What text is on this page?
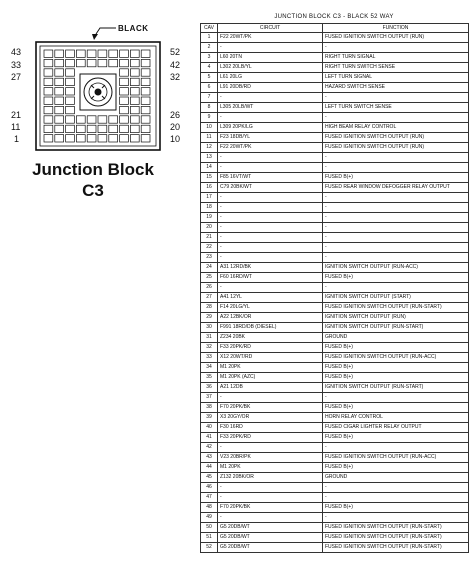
BLACK
43
33
27
21
11
1
52
42
32
26
20
10
Junction Block
C3
JUNCTION BLOCK C3 - BLACK 52 WAY
CAV	CIRCUIT	FUNCTION
1	F22 20WT/PK	FUSED IGNITION SWITCH OUTPUT (RUN)
2	-	-
3	L60 20TN	RIGHT TURN SIGNAL
4	L302 20LB/YL	RIGHT TURN SWITCH SENSE
5	L61 20LG	LEFT TURN SIGNAL
6	L91 20DB/RD	HAZARD SWITCH SENSE
7	-	-
8	L305 20LB/WT	LEFT TURN SWITCH SENSE
9	-	-
10	L309 20PK/LG	HIGH BEAM RELAY CONTROL
11	F23 18DB/YL	FUSED IGNITION SWITCH OUTPUT (RUN)
12	F22 20WT/PK	FUSED IGNITION SWITCH OUTPUT (RUN)
13	-	-
14	-	-
15	F85 16VT/WT	FUSED B(+)
16	C79 20BK/WT	FUSED REAR WINDOW DEFOGGER RELAY OUTPUT
17	-	-
18	-	-
19	-	-
20	-	-
21	-	-
22	-	-
23	-	-
24	A31 12RD/BK	IGNITION SWITCH OUTPUT (RUN-ACC)
25	F60 16RD/WT	FUSED B(+)
26	-	-
27	A41 12YL	IGNITION SWITCH OUTPUT (START)
28	F14 20LG/YL	FUSED IGNITION SWITCH OUTPUT (RUN-START)
29	A22 12BK/OR	IGNITION SWITCH OUTPUT (RUN)
30	F991 18RD/DB (DIESEL)	IGNITION SWITCH OUTPUT (RUN-START)
31	Z234 20BK	GROUND
32	F33 20PK/RD	FUSED B(+)
33	X12 20WT/RD	FUSED IGNITION SWITCH OUTPUT (RUN-ACC)
34	M1 20PK	FUSED B(+)
35	M1 20PK (AZC)	FUSED B(+)
36	A21 12DB	IGNITION SWITCH OUTPUT (RUN-START)
37	-	-
38	F70 20PK/BK	FUSED B(+)
39	X3 20GY/OR	HORN RELAY CONTROL
40	F30 16RD	FUSED CIGAR LIGHTER RELAY OUTPUT
41	F33 20PK/RD	FUSED B(+)
42	-	-
43	V23 20BR/PK	FUSED IGNITION SWITCH OUTPUT (RUN-ACC)
44	M1 20PK	FUSED B(+)
45	Z132 20BK/OR	GROUND
46	-	-
47	-	-
48	F70 20PK/BK	FUSED B(+)
49	-	-
50	G5 20DB/WT	FUSED IGNITION SWITCH OUTPUT (RUN-START)
51	G5 20DB/WT	FUSED IGNITION SWITCH OUTPUT (RUN-START)
52	G5 20DB/WT	FUSED IGNITION SWITCH OUTPUT (RUN-START)
